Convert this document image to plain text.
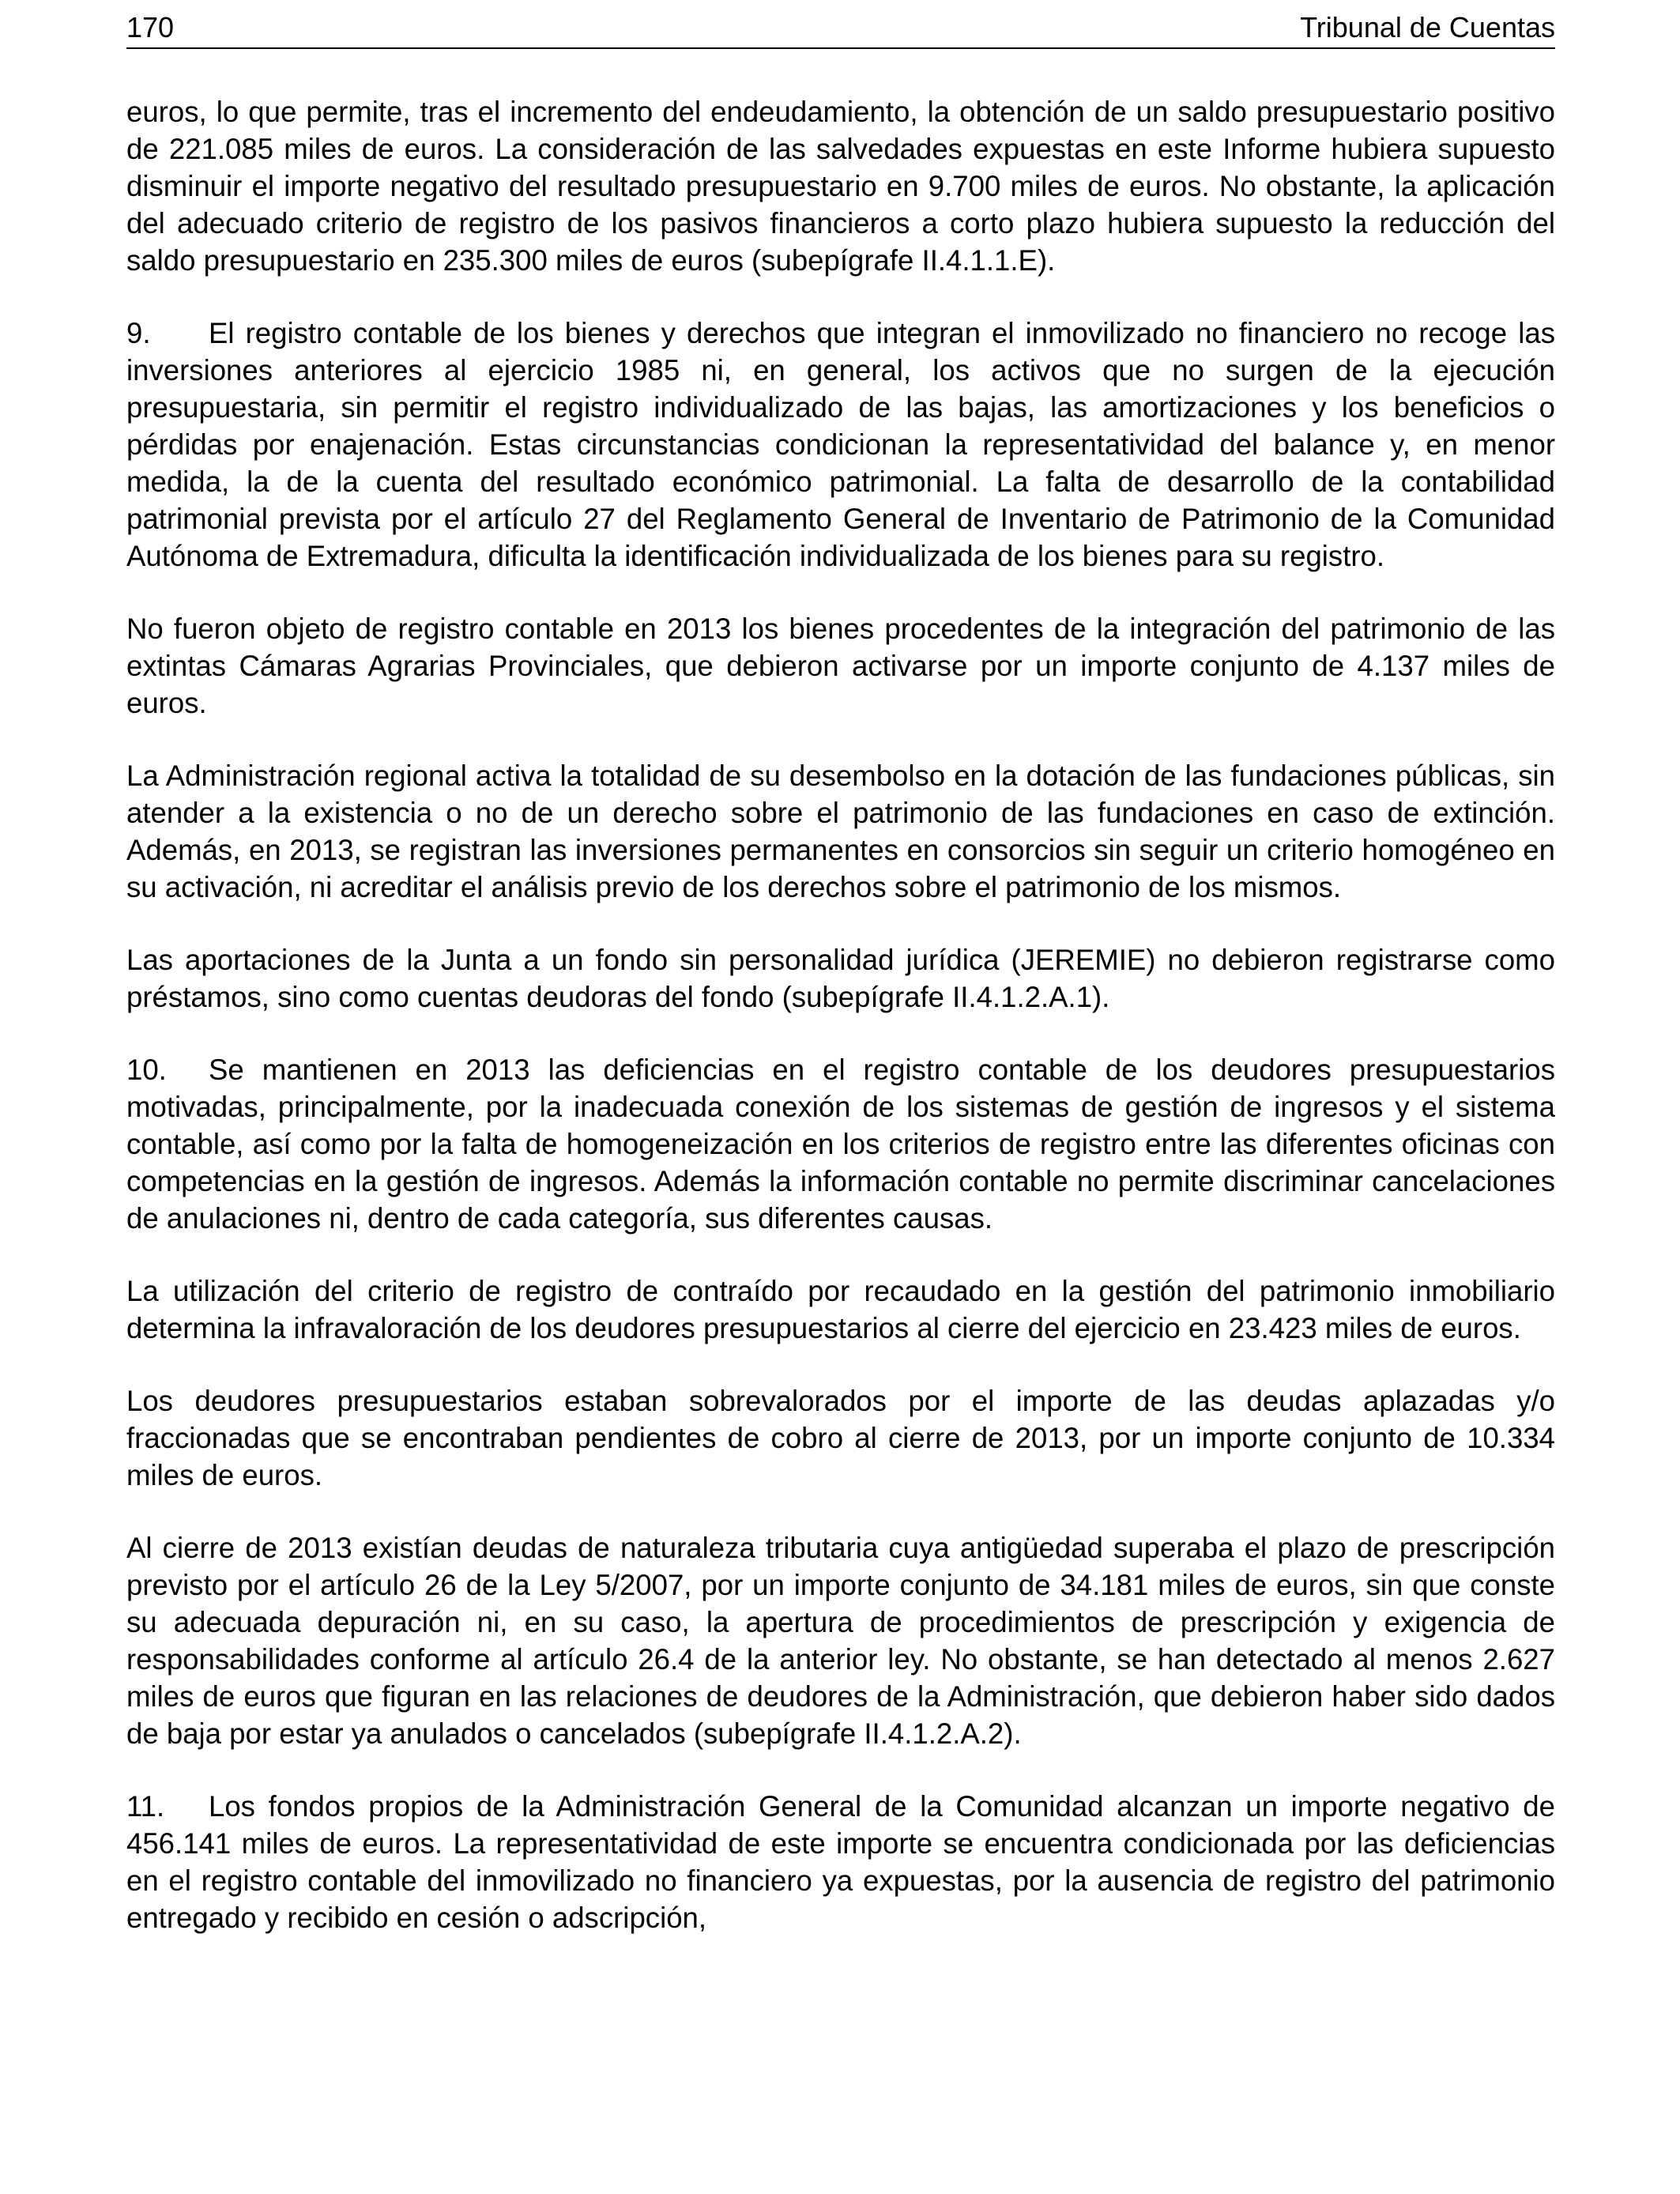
170	Tribunal de Cuentas

euros, lo que permite, tras el incremento del endeudamiento, la obtención de un saldo presupuestario positivo de 221.085 miles de euros. La consideración de las salvedades expuestas en este Informe hubiera supuesto disminuir el importe negativo del resultado presupuestario en 9.700 miles de euros. No obstante, la aplicación del adecuado criterio de registro de los pasivos financieros a corto plazo hubiera supuesto la reducción del saldo presupuestario en 235.300 miles de euros (subepígrafe II.4.1.1.E).

9. El registro contable de los bienes y derechos que integran el inmovilizado no financiero no recoge las inversiones anteriores al ejercicio 1985 ni, en general, los activos que no surgen de la ejecución presupuestaria, sin permitir el registro individualizado de las bajas, las amortizaciones y los beneficios o pérdidas por enajenación. Estas circunstancias condicionan la representatividad del balance y, en menor medida, la de la cuenta del resultado económico patrimonial. La falta de desarrollo de la contabilidad patrimonial prevista por el artículo 27 del Reglamento General de Inventario de Patrimonio de la Comunidad Autónoma de Extremadura, dificulta la identificación individualizada de los bienes para su registro.

No fueron objeto de registro contable en 2013 los bienes procedentes de la integración del patrimonio de las extintas Cámaras Agrarias Provinciales, que debieron activarse por un importe conjunto de 4.137 miles de euros.

La Administración regional activa la totalidad de su desembolso en la dotación de las fundaciones públicas, sin atender a la existencia o no de un derecho sobre el patrimonio de las fundaciones en caso de extinción. Además, en 2013, se registran las inversiones permanentes en consorcios sin seguir un criterio homogéneo en su activación, ni acreditar el análisis previo de los derechos sobre el patrimonio de los mismos.

Las aportaciones de la Junta a un fondo sin personalidad jurídica (JEREMIE) no debieron registrarse como préstamos, sino como cuentas deudoras del fondo (subepígrafe II.4.1.2.A.1).

10. Se mantienen en 2013 las deficiencias en el registro contable de los deudores presupuestarios motivadas, principalmente, por la inadecuada conexión de los sistemas de gestión de ingresos y el sistema contable, así como por la falta de homogeneización en los criterios de registro entre las diferentes oficinas con competencias en la gestión de ingresos. Además la información contable no permite discriminar cancelaciones de anulaciones ni, dentro de cada categoría, sus diferentes causas.

La utilización del criterio de registro de contraído por recaudado en la gestión del patrimonio inmobiliario determina la infravaloración de los deudores presupuestarios al cierre del ejercicio en 23.423 miles de euros.

Los deudores presupuestarios estaban sobrevalorados por el importe de las deudas aplazadas y/o fraccionadas que se encontraban pendientes de cobro al cierre de 2013, por un importe conjunto de 10.334 miles de euros.

Al cierre de 2013 existían deudas de naturaleza tributaria cuya antigüedad superaba el plazo de prescripción previsto por el artículo 26 de la Ley 5/2007, por un importe conjunto de 34.181 miles de euros, sin que conste su adecuada depuración ni, en su caso, la apertura de procedimientos de prescripción y exigencia de responsabilidades conforme al artículo 26.4 de la anterior ley. No obstante, se han detectado al menos 2.627 miles de euros que figuran en las relaciones de deudores de la Administración, que debieron haber sido dados de baja por estar ya anulados o cancelados (subepígrafe II.4.1.2.A.2).

11. Los fondos propios de la Administración General de la Comunidad alcanzan un importe negativo de 456.141 miles de euros. La representatividad de este importe se encuentra condicionada por las deficiencias en el registro contable del inmovilizado no financiero ya expuestas, por la ausencia de registro del patrimonio entregado y recibido en cesión o adscripción,
